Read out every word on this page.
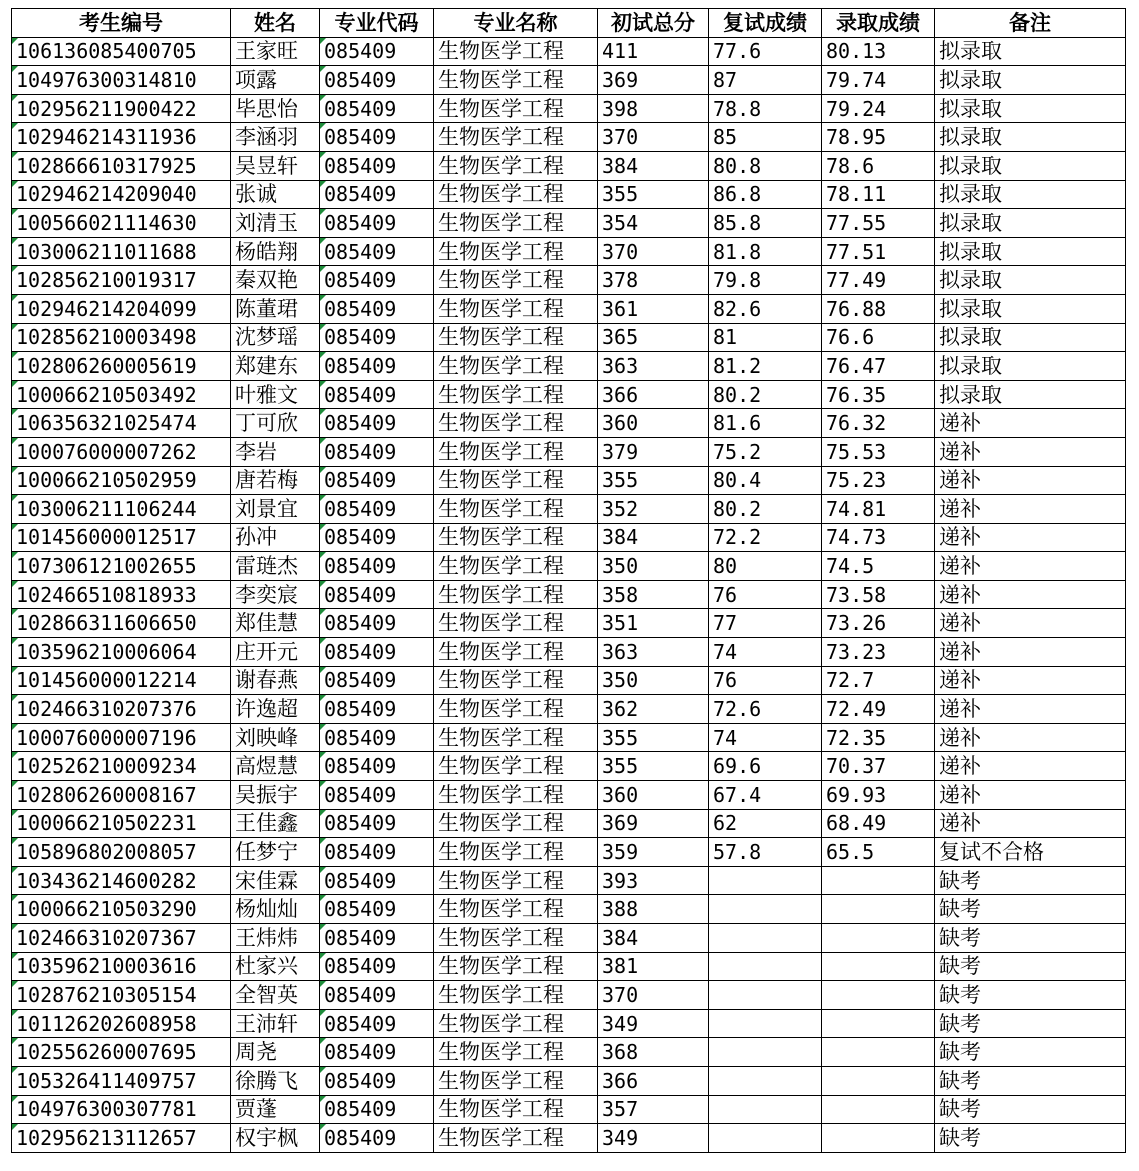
考生编号	姓名	专业代码	专业名称	初试总分	复试成绩	录取成绩	备注
106136085400705	王家旺	085409	生物医学工程	411	77.6	80.13	拟录取
104976300314810	项露	085409	生物医学工程	369	87	79.74	拟录取
102956211900422	毕思怡	085409	生物医学工程	398	78.8	79.24	拟录取
102946214311936	李涵羽	085409	生物医学工程	370	85	78.95	拟录取
102866610317925	吴昱轩	085409	生物医学工程	384	80.8	78.6	拟录取
102946214209040	张诚	085409	生物医学工程	355	86.8	78.11	拟录取
100566021114630	刘清玉	085409	生物医学工程	354	85.8	77.55	拟录取
103006211011688	杨皓翔	085409	生物医学工程	370	81.8	77.51	拟录取
102856210019317	秦双艳	085409	生物医学工程	378	79.8	77.49	拟录取
102946214204099	陈董珺	085409	生物医学工程	361	82.6	76.88	拟录取
102856210003498	沈梦瑶	085409	生物医学工程	365	81	76.6	拟录取
102806260005619	郑建东	085409	生物医学工程	363	81.2	76.47	拟录取
100066210503492	叶雅文	085409	生物医学工程	366	80.2	76.35	拟录取
106356321025474	丁可欣	085409	生物医学工程	360	81.6	76.32	递补
100076000007262	李岩	085409	生物医学工程	379	75.2	75.53	递补
100066210502959	唐若梅	085409	生物医学工程	355	80.4	75.23	递补
103006211106244	刘景宜	085409	生物医学工程	352	80.2	74.81	递补
101456000012517	孙冲	085409	生物医学工程	384	72.2	74.73	递补
107306121002655	雷琏杰	085409	生物医学工程	350	80	74.5	递补
102466510818933	李奕宸	085409	生物医学工程	358	76	73.58	递补
102866311606650	郑佳慧	085409	生物医学工程	351	77	73.26	递补
103596210006064	庄开元	085409	生物医学工程	363	74	73.23	递补
101456000012214	谢春燕	085409	生物医学工程	350	76	72.7	递补
102466310207376	许逸超	085409	生物医学工程	362	72.6	72.49	递补
100076000007196	刘映峰	085409	生物医学工程	355	74	72.35	递补
102526210009234	高煜慧	085409	生物医学工程	355	69.6	70.37	递补
102806260008167	吴振宇	085409	生物医学工程	360	67.4	69.93	递补
100066210502231	王佳鑫	085409	生物医学工程	369	62	68.49	递补
105896802008057	任梦宁	085409	生物医学工程	359	57.8	65.5	复试不合格
103436214600282	宋佳霖	085409	生物医学工程	393			缺考
100066210503290	杨灿灿	085409	生物医学工程	388			缺考
102466310207367	王炜炜	085409	生物医学工程	384			缺考
103596210003616	杜家兴	085409	生物医学工程	381			缺考
102876210305154	全智英	085409	生物医学工程	370			缺考
101126202608958	王沛轩	085409	生物医学工程	349			缺考
102556260007695	周尧	085409	生物医学工程	368			缺考
105326411409757	徐腾飞	085409	生物医学工程	366			缺考
104976300307781	贾蓬	085409	生物医学工程	357			缺考
102956213112657	权宇枫	085409	生物医学工程	349			缺考
